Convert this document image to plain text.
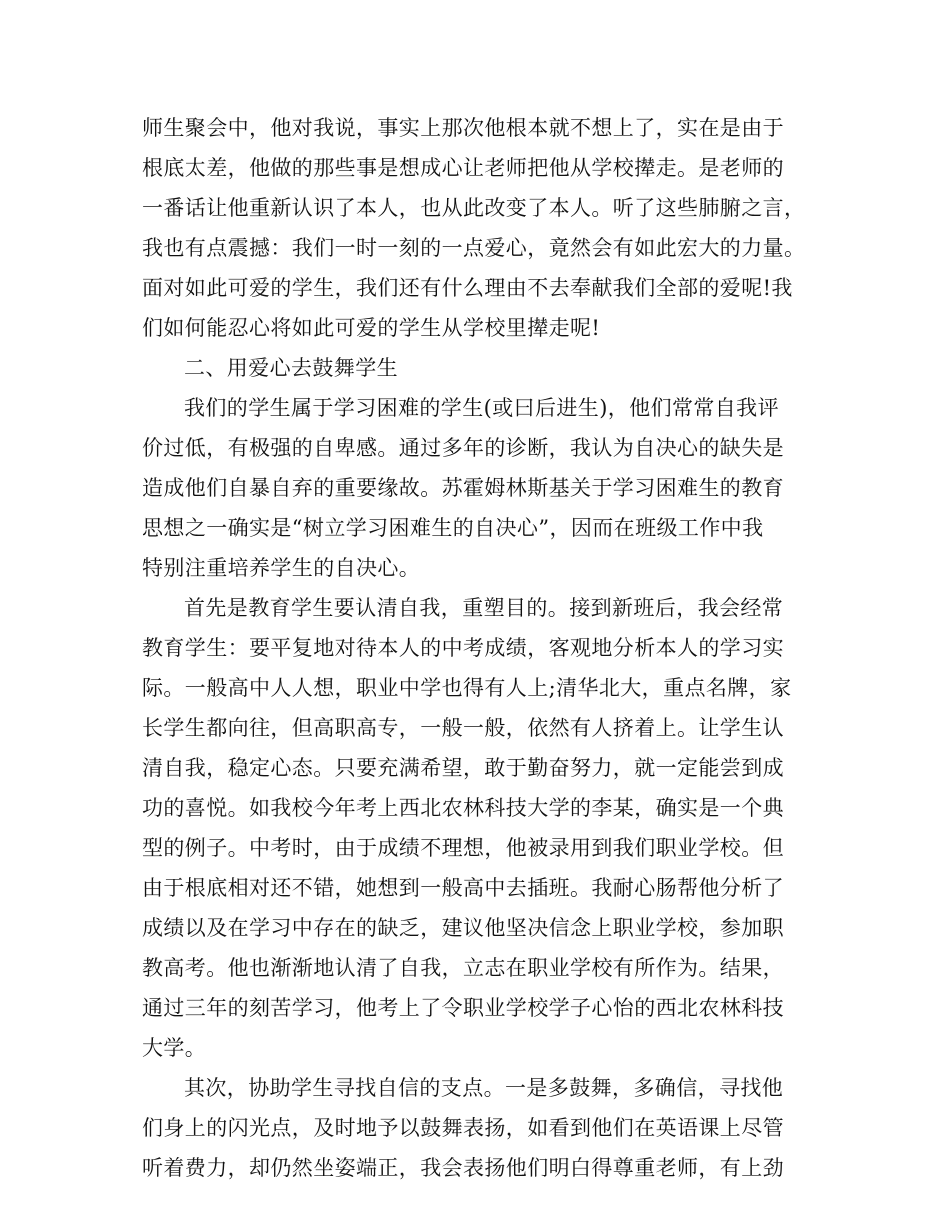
师生聚会中，他对我说，事实上那次他根本就不想上了，实在是由于
根底太差，他做的那些事是想成心让老师把他从学校撵走。是老师的
一番话让他重新认识了本人，也从此改变了本人。听了这些肺腑之言，
我也有点震撼：我们一时一刻的一点爱心，竟然会有如此宏大的力量。
面对如此可爱的学生，我们还有什么理由不去奉献我们全部的爱呢!我
们如何能忍心将如此可爱的学生从学校里撵走呢!
二、用爱心去鼓舞学生
我们的学生属于学习困难的学生(或曰后进生)，他们常常自我评
价过低，有极强的自卑感。通过多年的诊断，我认为自决心的缺失是
造成他们自暴自弃的重要缘故。苏霍姆林斯基关于学习困难生的教育
思想之一确实是“树立学习困难生的自决心”，因而在班级工作中我
特别注重培养学生的自决心。
首先是教育学生要认清自我，重塑目的。接到新班后，我会经常
教育学生：要平复地对待本人的中考成绩，客观地分析本人的学习实
际。一般高中人人想，职业中学也得有人上;清华北大，重点名牌，家
长学生都向往，但高职高专，一般一般，依然有人挤着上。让学生认
清自我，稳定心态。只要充满希望，敢于勤奋努力，就一定能尝到成
功的喜悦。如我校今年考上西北农林科技大学的李某，确实是一个典
型的例子。中考时，由于成绩不理想，他被录用到我们职业学校。但
由于根底相对还不错，她想到一般高中去插班。我耐心肠帮他分析了
成绩以及在学习中存在的缺乏，建议他坚决信念上职业学校，参加职
教高考。他也渐渐地认清了自我，立志在职业学校有所作为。结果，
通过三年的刻苦学习，他考上了令职业学校学子心怡的西北农林科技
大学。
其次，协助学生寻找自信的支点。一是多鼓舞，多确信，寻找他
们身上的闪光点，及时地予以鼓舞表扬，如看到他们在英语课上尽管
听着费力，却仍然坐姿端正，我会表扬他们明白得尊重老师，有上劲
